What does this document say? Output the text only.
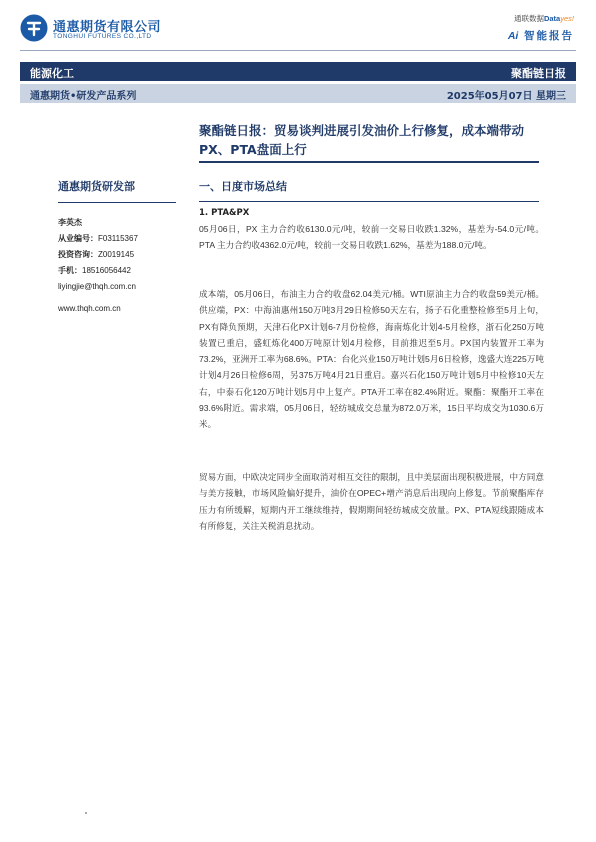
通惠期货有限公司
TONGHUI FUTURES CO.,LTD
通联数据Datayes!
Ai 智能报告
能源化工	聚酯链日报
通惠期货•研发产品系列	2025年05月07日 星期三
聚酯链日报：贸易谈判进展引发油价上行修复，成本端带动PX、PTA盘面上行
通惠期货研发部
李英杰
从业编号：F03115367
投资咨询：Z0019145
手机：18516056442
liyingjie@thqh.com.cn
www.thqh.com.cn
一、日度市场总结
1. PTA&PX
05月06日，PX 主力合约收6130.0元/吨，较前一交易日收跌1.32%，基差为-54.0元/吨。PTA 主力合约收4362.0元/吨，较前一交易日收跌1.62%，基差为188.0元/吨。
成本端，05月06日，布油主力合约收盘62.04美元/桶。WTI原油主力合约收盘59美元/桶。供应端，PX：中海油惠州150万吨3月29日检修50天左右，扬子石化重整检修至5月上旬，PX有降负预期，天津石化PX计划6-7月份检修，海南炼化计划4-5月检修，浙石化250万吨装置已重启，盛虹炼化400万吨原计划4月检修，目前推迟至5月。PX国内装置开工率为73.2%，亚洲开工率为68.6%。PTA：台化兴业150万吨计划5月6日检修，逸盛大连225万吨计划4月26日检修6周，另375万吨4月21日重启。嘉兴石化150万吨计划5月中检修10天左右，中泰石化120万吨计划5月中上复产。PTA开工率在82.4%附近。聚酯：聚酯开工率在93.6%附近。需求端，05月06日，轻纺城成交总量为872.0万米，15日平均成交为1030.6万米。
贸易方面，中欧决定同步全面取消对相互交往的限制，且中美层面出现积极进展，中方同意与美方接触，市场风险偏好提升，油价在OPEC+增产消息后出现向上修复。节前聚酯库存压力有所缓解，短期内开工继续维持，假期期间轻纺城成交放量。PX、PTA短线跟随成本有所修复，关注关税消息扰动。
